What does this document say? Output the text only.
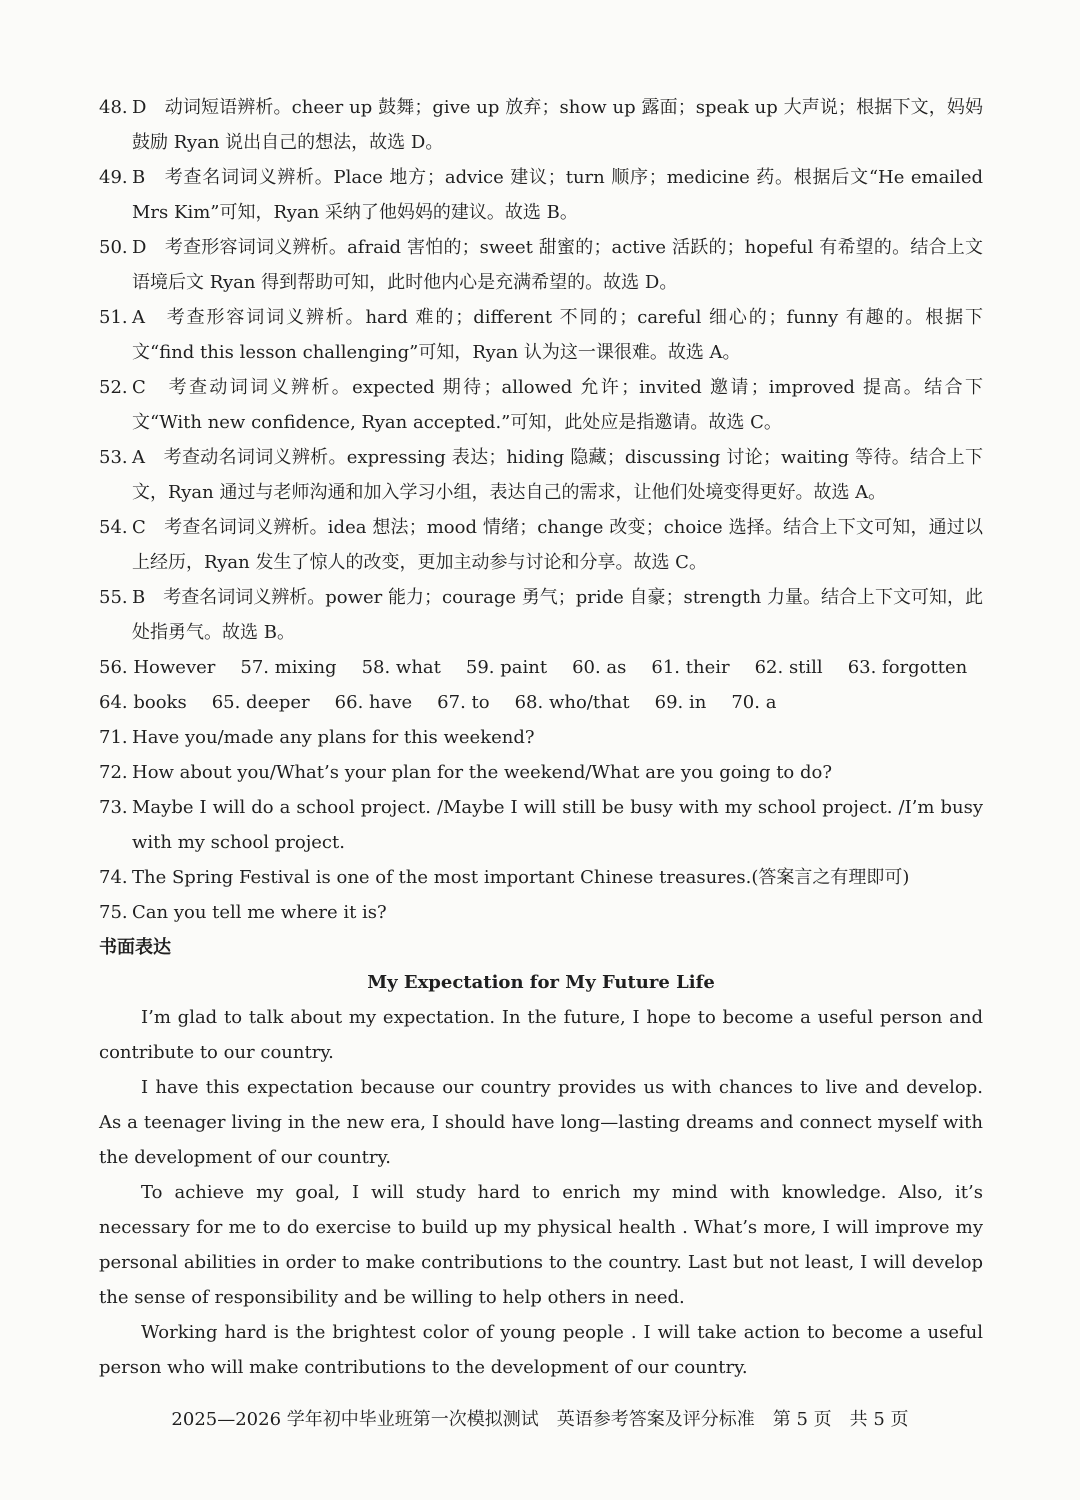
48. D　动词短语辨析。cheer up 鼓舞；give up 放弃；show up 露面；speak up 大声说；根据下文，妈妈鼓励 Ryan 说出自己的想法，故选 D。
49. B　考查名词词义辨析。Place 地方；advice 建议；turn 顺序；medicine 药。根据后文“He emailed Mrs Kim”可知，Ryan 采纳了他妈妈的建议。故选 B。
50. D　考查形容词词义辨析。afraid 害怕的；sweet 甜蜜的；active 活跃的；hopeful 有希望的。结合上文语境后文 Ryan 得到帮助可知，此时他内心是充满希望的。故选 D。
51. A　考查形容词词义辨析。hard 难的；different 不同的；careful 细心的；funny 有趣的。根据下文“find this lesson challenging”可知，Ryan 认为这一课很难。故选 A。
52. C　考查动词词义辨析。expected 期待；allowed 允许；invited 邀请；improved 提高。结合下文“With new confidence, Ryan accepted.”可知，此处应是指邀请。故选 C。
53. A　考查动名词词义辨析。expressing 表达；hiding 隐藏；discussing 讨论；waiting 等待。结合上下文，Ryan 通过与老师沟通和加入学习小组，表达自己的需求，让他们处境变得更好。故选 A。
54. C　考查名词词义辨析。idea 想法；mood 情绪；change 改变；choice 选择。结合上下文可知，通过以上经历，Ryan 发生了惊人的改变，更加主动参与讨论和分享。故选 C。
55. B　考查名词词义辨析。power 能力；courage 勇气；pride 自豪；strength 力量。结合上下文可知，此处指勇气。故选 B。
56. However 57. mixing 58. what 59. paint 60. as 61. their 62. still 63. forgotten
64. books 65. deeper 66. have 67. to 68. who/that 69. in 70. a
71. Have you/made any plans for this weekend?
72. How about you/What’s your plan for the weekend/What are you going to do?
73. Maybe I will do a school project. /Maybe I will still be busy with my school project. /I’m busy with my school project.
74. The Spring Festival is one of the most important Chinese treasures.(答案言之有理即可)
75. Can you tell me where it is?
书面表达
My Expectation for My Future Life
I’m glad to talk about my expectation. In the future, I hope to become a useful person and contribute to our country.
I have this expectation because our country provides us with chances to live and develop. As a teenager living in the new era, I should have long—lasting dreams and connect myself with the development of our country.
To achieve my goal, I will study hard to enrich my mind with knowledge. Also, it’s necessary for me to do exercise to build up my physical health . What’s more, I will improve my personal abilities in order to make contributions to the country. Last but not least, I will develop the sense of responsibility and be willing to help others in need.
Working hard is the brightest color of young people . I will take action to become a useful person who will make contributions to the development of our country.
2025—2026 学年初中毕业班第一次模拟测试　英语参考答案及评分标准　第 5 页　共 5 页
